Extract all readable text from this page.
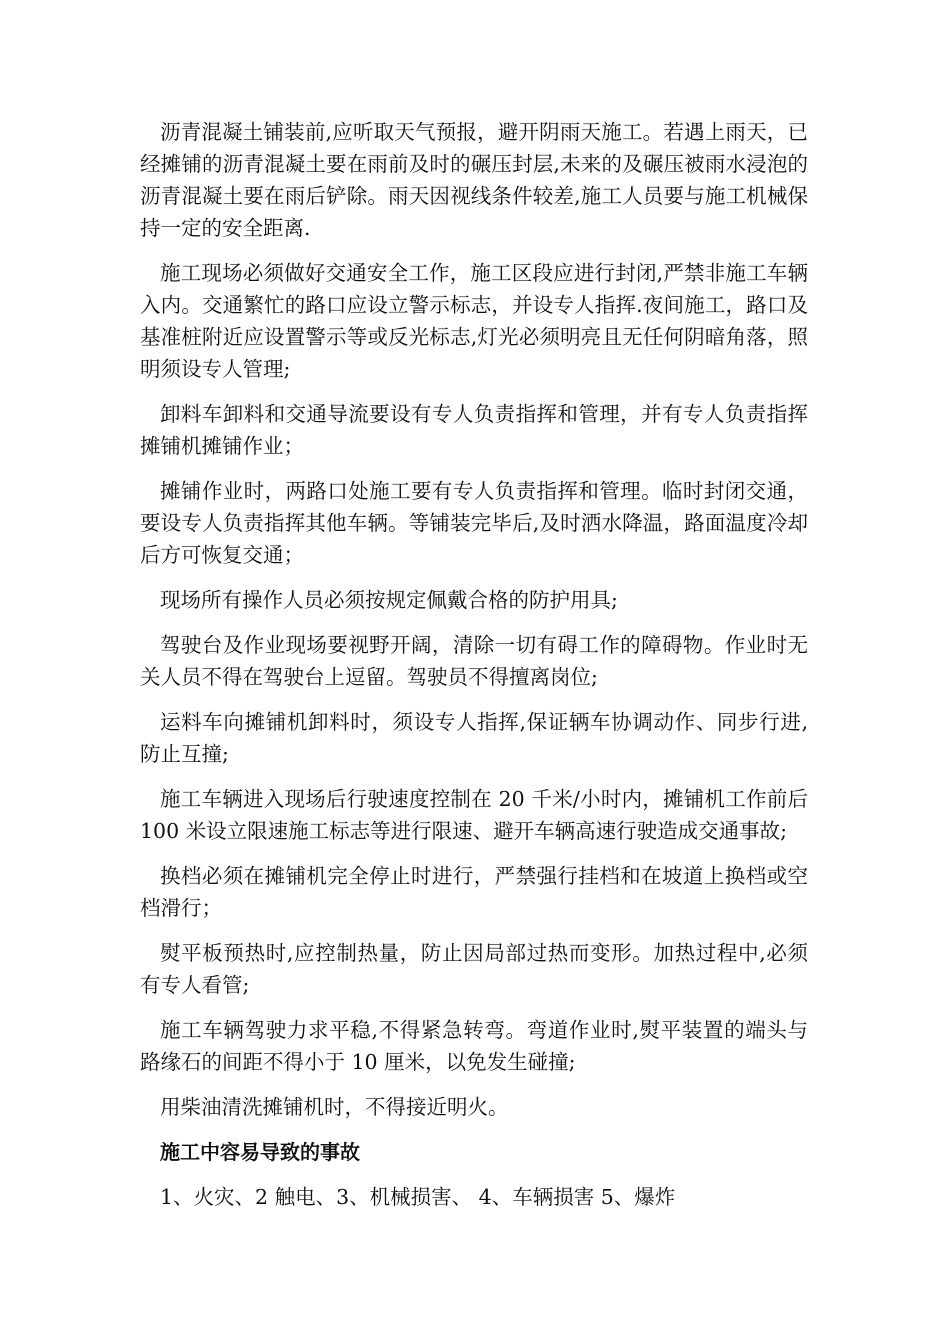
沥青混凝土铺装前,应听取天气预报，避开阴雨天施工。若遇上雨天，已经摊铺的沥青混凝土要在雨前及时的碾压封层,未来的及碾压被雨水浸泡的沥青混凝土要在雨后铲除。雨天因视线条件较差,施工人员要与施工机械保持一定的安全距离.

施工现场必须做好交通安全工作，施工区段应进行封闭,严禁非施工车辆入内。交通繁忙的路口应设立警示标志，并设专人指挥.夜间施工，路口及基准桩附近应设置警示等或反光标志,灯光必须明亮且无任何阴暗角落，照明须设专人管理;

卸料车卸料和交通导流要设有专人负责指挥和管理，并有专人负责指挥摊铺机摊铺作业；

摊铺作业时，两路口处施工要有专人负责指挥和管理。临时封闭交通，要设专人负责指挥其他车辆。等铺装完毕后,及时洒水降温，路面温度冷却后方可恢复交通；

现场所有操作人员必须按规定佩戴合格的防护用具;

驾驶台及作业现场要视野开阔，清除一切有碍工作的障碍物。作业时无关人员不得在驾驶台上逗留。驾驶员不得擅离岗位;

运料车向摊铺机卸料时，须设专人指挥,保证辆车协调动作、同步行进,防止互撞;

施工车辆进入现场后行驶速度控制在 20 千米/小时内，摊铺机工作前后 100 米设立限速施工标志等进行限速、避开车辆高速行驶造成交通事故;

换档必须在摊铺机完全停止时进行，严禁强行挂档和在坡道上换档或空档滑行；

熨平板预热时,应控制热量，防止因局部过热而变形。加热过程中,必须有专人看管;

施工车辆驾驶力求平稳,不得紧急转弯。弯道作业时,熨平装置的端头与路缘石的间距不得小于 10 厘米，以免发生碰撞;

用柴油清洗摊铺机时，不得接近明火。

施工中容易导致的事故

1、火灾、2 触电、3、机械损害、 4、车辆损害 5、爆炸
